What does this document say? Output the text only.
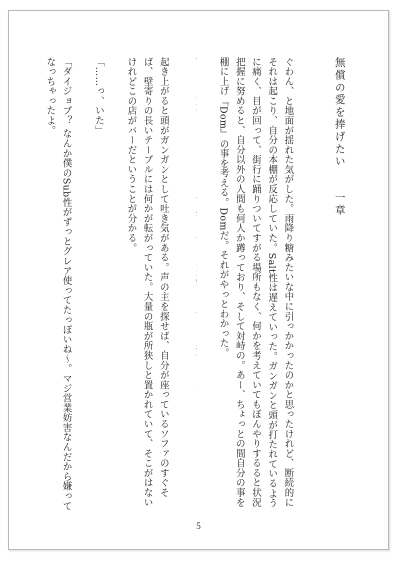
無償の愛を捧げたい一章

ぐわん、と地面が揺れた気がした。雨降り糖みたいな中に引っかかったのかと思ったけれど、断続的にそれは起こり、自分の本棚が反応していた。Salt性は遅えていった。ガンガンと頭が打たれているように痛く、目が回って、街行に踊りついてすがる場所もなく、何かを考えていてもぼんやりするると状況把握に努めると、自分以外の人間も何人か蹲っており、そして対峙の。あー、ちょっとの間自分の事を棚に上げ『Dom』の事を考える。Domだ。それがやっとわかった。

起き上がると頭がガンガンとして吐き気がある。声の主を探せば、自分が座っているソファのすぐそば、壁寄りの長いテーブルには何かが転がっていた。大量の瓶が所狭しと置かれていて、そこがはないけれどこの店がバーだということが分かる。

「……っ、いた」

「ダイジョブ？ なんか僕のSub性がずっとグレア使ってたっぽいね〜。マジ営業妨害なんだから嫌ってなっちゃったよ。

5
